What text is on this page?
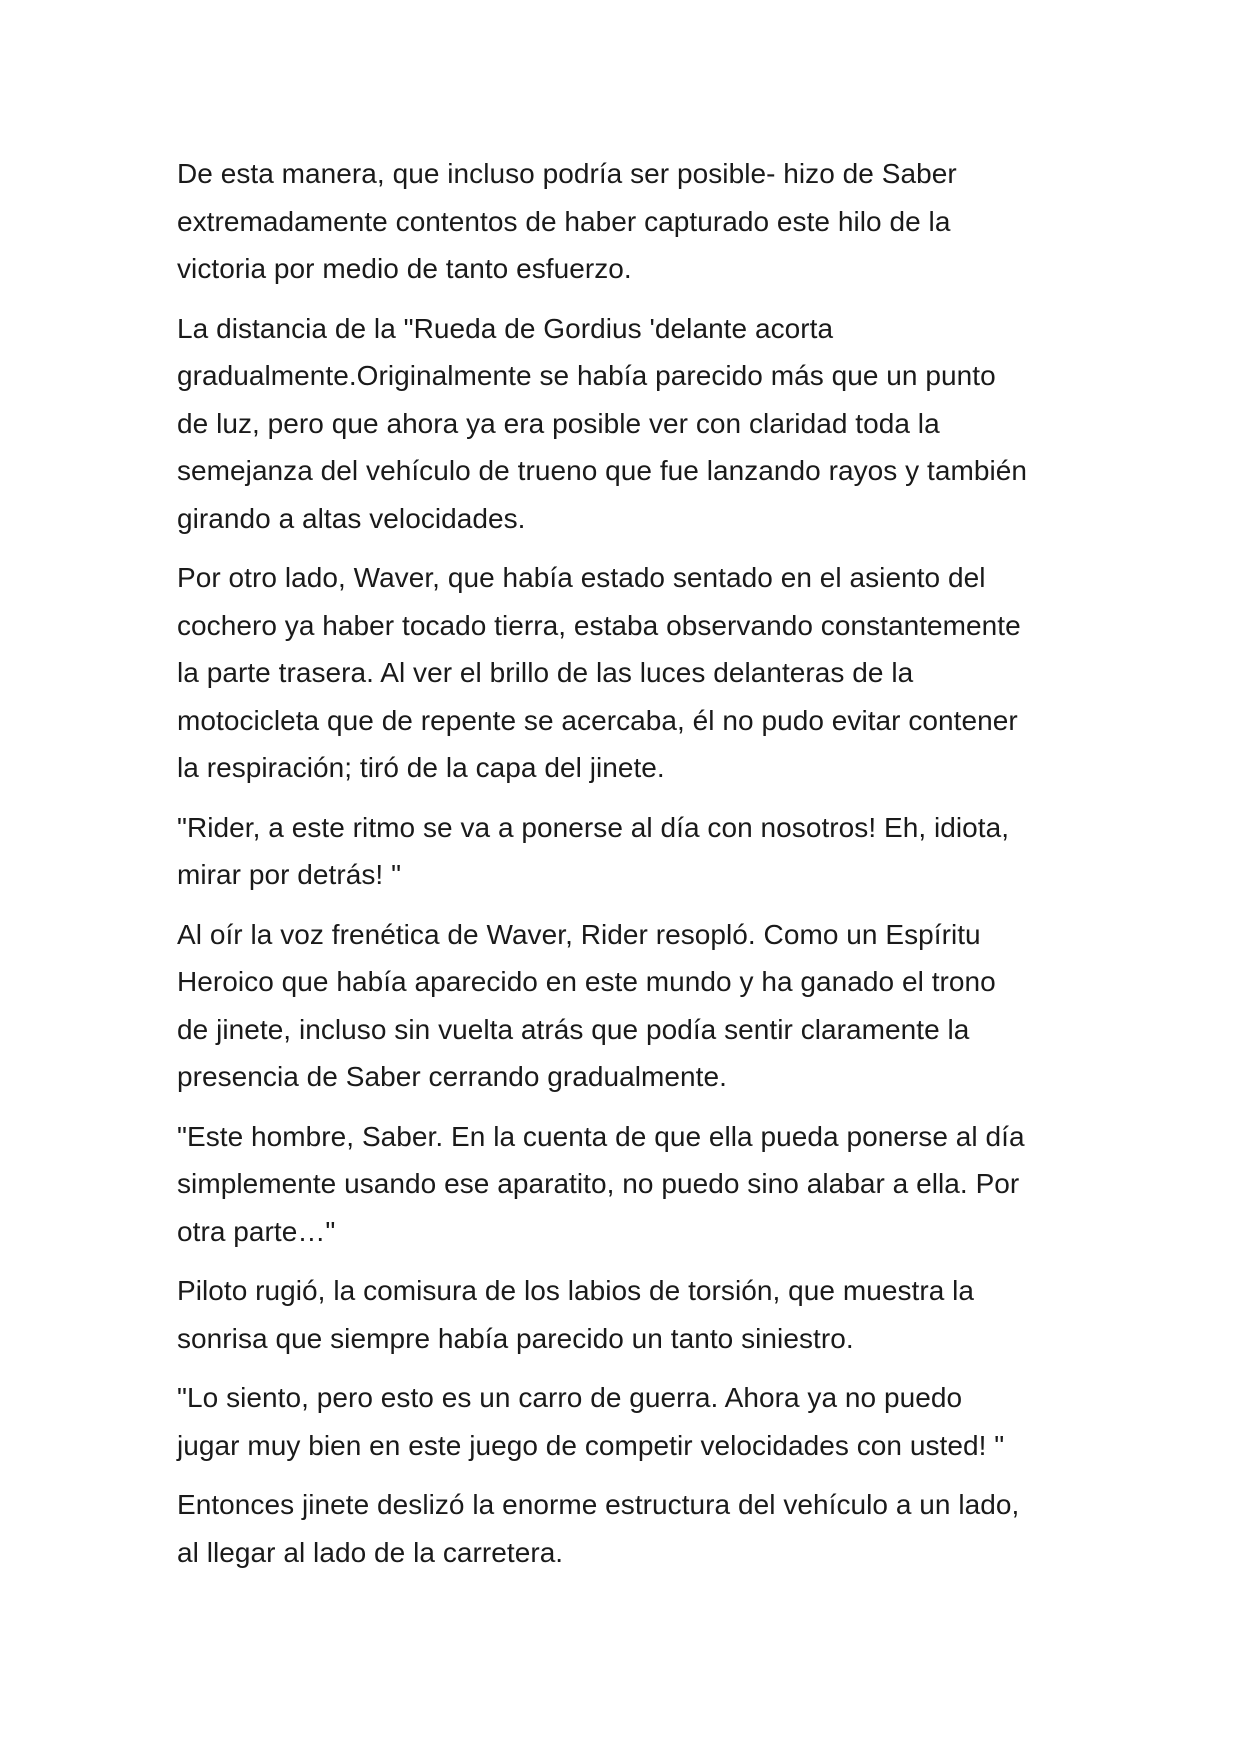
De esta manera, que incluso podría ser posible- hizo de Saber
extremadamente contentos de haber capturado este hilo de la
victoria por medio de tanto esfuerzo.

La distancia de la "Rueda de Gordius 'delante acorta
gradualmente.Originalmente se había parecido más que un punto
de luz, pero que ahora ya era posible ver con claridad toda la
semejanza del vehículo de trueno que fue lanzando rayos y también
girando a altas velocidades.

Por otro lado, Waver, que había estado sentado en el asiento del
cochero ya haber tocado tierra, estaba observando constantemente
la parte trasera. Al ver el brillo de las luces delanteras de la
motocicleta que de repente se acercaba, él no pudo evitar contener
la respiración; tiró de la capa del jinete.

"Rider, a este ritmo se va a ponerse al día con nosotros! Eh, idiota,
mirar por detrás! "

Al oír la voz frenética de Waver, Rider resopló. Como un Espíritu
Heroico que había aparecido en este mundo y ha ganado el trono
de jinete, incluso sin vuelta atrás que podía sentir claramente la
presencia de Saber cerrando gradualmente.

"Este hombre, Saber. En la cuenta de que ella pueda ponerse al día
simplemente usando ese aparatito, no puedo sino alabar a ella. Por
otra parte…"

Piloto rugió, la comisura de los labios de torsión, que muestra la
sonrisa que siempre había parecido un tanto siniestro.

"Lo siento, pero esto es un carro de guerra. Ahora ya no puedo
jugar muy bien en este juego de competir velocidades con usted! "

Entonces jinete deslizó la enorme estructura del vehículo a un lado,
al llegar al lado de la carretera.
